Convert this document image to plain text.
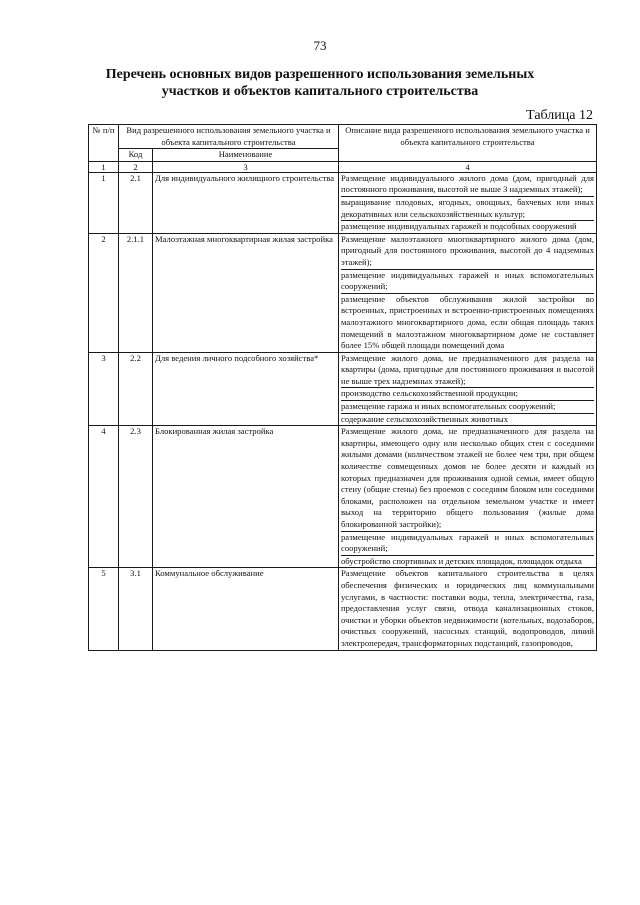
73
Перечень основных видов разрешенного использования земельных
участков и объектов капитального строительства
Таблица 12
№ п/п	Вид разрешенного использования земельного участка и объекта капитального строительства		Описание вида разрешенного использования земельного участка и объекта капитального строительства
	Код	Наименование	
1	2	3	4
1	2.1	Для индивидуального жилищного строительства	Размещение индивидуального жилого дома (дом, пригодный для постоянного проживания, высотой не выше 3 надземных этажей);

выращивание плодовых, ягодных, овощных, бахчевых или иных декоративных или сельскохозяйственных культур;

размещение индивидуальных гаражей и подсобных сооружений

2	2.1.1	Малоэтажная многоквартирная жилая застройка	Размещение малоэтажного многоквартирного жилого дома (дом, пригодный для постоянного проживания, высотой до 4 надземных этажей);

размещение индивидуальных гаражей и иных вспомогательных сооружений;

размещение объектов обслуживания жилой застройки во встроенных, пристроенных и встроенно-пристроенных помещениях малоэтажного многоквартирного дома, если общая площадь таких помещений в малоэтажном многоквартирном доме не составляет более 15% общей площади помещений дома

3	2.2	Для ведения личного подсобного хозяйства*	Размещение жилого дома, не предназначенного для раздела на квартиры (дома, пригодные для постоянного проживания и высотой не выше трех надземных этажей);

производство сельскохозяйственной продукции;

размещение гаража и иных вспомогательных сооружений;

содержание сельскохозяйственных животных

4	2.3	Блокированная жилая застройка	Размещение жилого дома, не предназначенного для раздела на квартиры, имеющего одну или несколько общих стен с соседними жилыми домами (количеством этажей не более чем три, при общем количестве совмещенных домов не более десяти и каждый из которых предназначен для проживания одной семьи, имеет общую стену (общие стены) без проемов с соседним блоком или соседними блоками, расположен на отдельном земельном участке и имеет выход на территорию общего пользования (жилые дома блокированной застройки);

размещение индивидуальных гаражей и иных вспомогательных сооружений;

обустройство спортивных и детских площадок, площадок отдыха

5	3.1	Коммунальное обслуживание	Размещение объектов капитального строительства в целях обеспечения физических и юридических лиц коммунальными услугами, в частности: поставки воды, тепла, электричества, газа, предоставления услуг связи, отвода канализационных стоков, очистки и уборки объектов недвижимости (котельных, водозаборов, очистных сооружений, насосных станций, водопроводов, линий электропередач, трансформаторных подстанций, газопроводов,
